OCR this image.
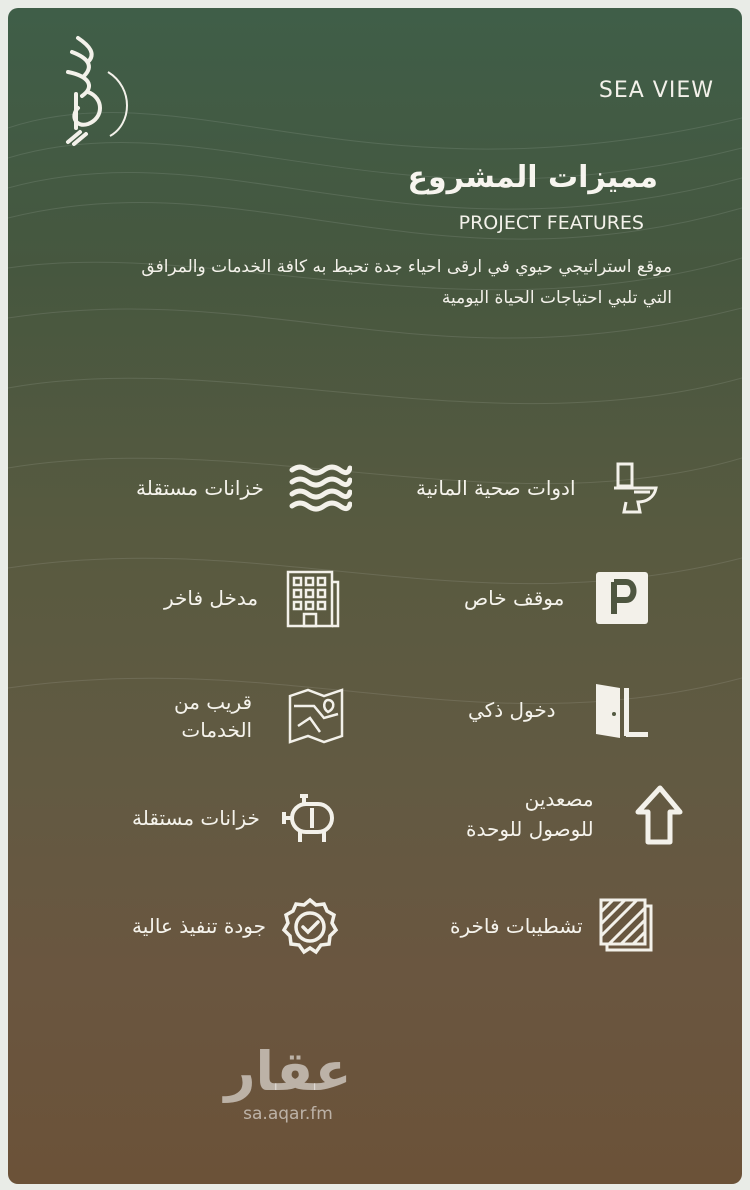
SEA VIEW
مميزات المشروع
PROJECT FEATURES
موقع استراتيجي حيوي في ارقى احياء جدة تحيط به كافة الخدمات والمرافق
التي تلبي احتياجات الحياة اليومية
ادوات صحية المانية
خزانات مستقلة
موقف خاص
مدخل فاخر
دخول ذكي
قريب من
الخدمات
مصعدين
للوصول للوحدة
خزانات مستقلة
تشطيبات فاخرة
جودة تنفيذ عالية
عقار
sa.aqar.fm
